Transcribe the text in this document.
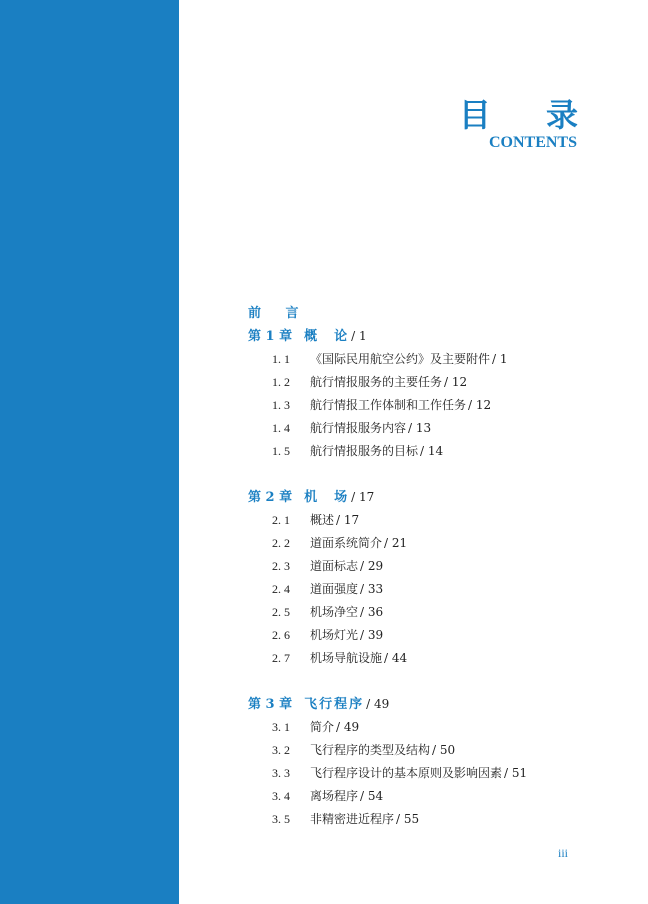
目 录
CONTENTS
前 言
第 1 章 概　论 / 1
1. 1 《国际民用航空公约》及主要附件 / 1
1. 2 航行情报服务的主要任务 / 12
1. 3 航行情报工作体制和工作任务 / 12
1. 4 航行情报服务内容 / 13
1. 5 航行情报服务的目标 / 14
第 2 章 机　场 / 17
2. 1 概述 / 17
2. 2 道面系统简介 / 21
2. 3 道面标志 / 29
2. 4 道面强度 / 33
2. 5 机场净空 / 36
2. 6 机场灯光 / 39
2. 7 机场导航设施 / 44
第 3 章 飞行程序 / 49
3. 1 简介 / 49
3. 2 飞行程序的类型及结构 / 50
3. 3 飞行程序设计的基本原则及影响因素 / 51
3. 4 离场程序 / 54
3. 5 非精密进近程序 / 55
iii
